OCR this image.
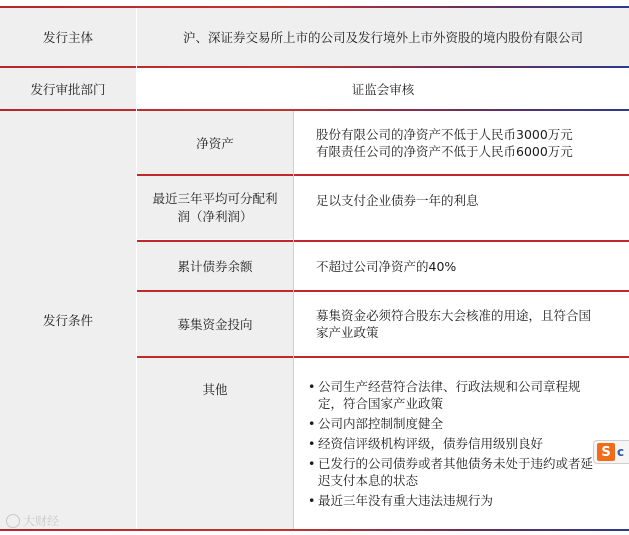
发行主体	沪、深证券交易所上市的公司及发行境外上市外资股的境内股份有限公司
发行审批部门	证监会审核
发行条件
净资产
股份有限公司的净资产不低于人民币3000万元
有限责任公司的净资产不低于人民币6000万元
最近三年平均可分配利润（净利润）
足以支付企业债券一年的利息
累计债券余额	不超过公司净资产的40%
募集资金投向
募集资金必须符合股东大会核准的用途，且符合国家产业政策
其他
•	公司生产经营符合法律、行政法规和公司章程规定，符合国家产业政策
• 公司内部控制制度健全
• 经资信评级机构评级，债券信用级别良好
• 已发行的公司债券或者其他债务未处于违约或者延迟支付本息的状态
• 最近三年没有重大违法违规行为
S c
大财经
